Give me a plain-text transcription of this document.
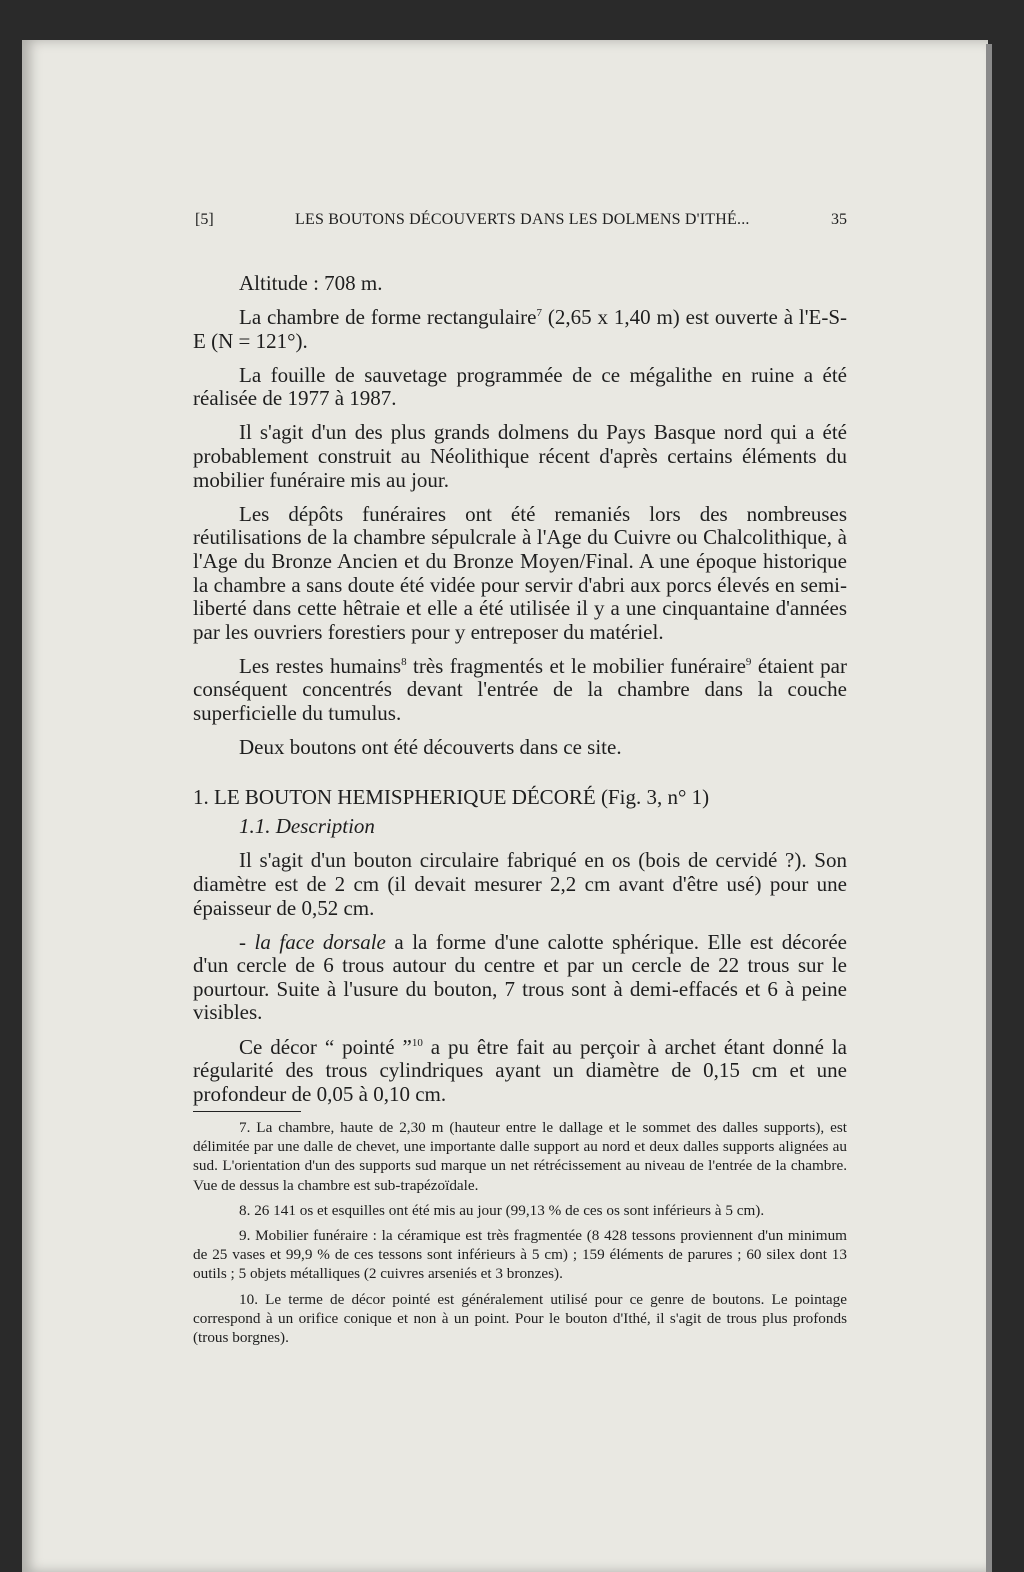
[5]	LES BOUTONS DÉCOUVERTS DANS LES DOLMENS D'ITHÉ...	35

Altitude : 708 m.

La chambre de forme rectangulaire$^7$ (2,65 x 1,40 m) est ouverte à l'E-S-E (N = 121°).

La fouille de sauvetage programmée de ce mégalithe en ruine a été réalisée de 1977 à 1987.

Il s'agit d'un des plus grands dolmens du Pays Basque nord qui a été probablement construit au Néolithique récent d'après certains éléments du mobilier funéraire mis au jour.

Les dépôts funéraires ont été remaniés lors des nombreuses réutilisations de la chambre sépulcrale à l'Age du Cuivre ou Chalcolithique, à l'Age du Bronze Ancien et du Bronze Moyen/Final. A une époque historique la chambre a sans doute été vidée pour servir d'abri aux porcs élevés en semi-liberté dans cette hêtraie et elle a été utilisée il y a une cinquantaine d'années par les ouvriers forestiers pour y entreposer du matériel.

Les restes humains$^8$ très fragmentés et le mobilier funéraire$^9$ étaient par conséquent concentrés devant l'entrée de la chambre dans la couche superficielle du tumulus.

Deux boutons ont été découverts dans ce site.

1. LE BOUTON HEMISPHERIQUE DÉCORÉ (Fig. 3, n° 1)

1.1. Description

Il s'agit d'un bouton circulaire fabriqué en os (bois de cervidé ?). Son diamètre est de 2 cm (il devait mesurer 2,2 cm avant d'être usé) pour une épaisseur de 0,52 cm.

- la face dorsale a la forme d'une calotte sphérique. Elle est décorée d'un cercle de 6 trous autour du centre et par un cercle de 22 trous sur le pourtour. Suite à l'usure du bouton, 7 trous sont à demi-effacés et 6 à peine visibles.

Ce décor “ pointé ”$^{10}$ a pu être fait au perçoir à archet étant donné la régularité des trous cylindriques ayant un diamètre de 0,15 cm et une profondeur de 0,05 à 0,10 cm.

7. La chambre, haute de 2,30 m (hauteur entre le dallage et le sommet des dalles supports), est délimitée par une dalle de chevet, une importante dalle support au nord et deux dalles supports alignées au sud. L'orientation d'un des supports sud marque un net rétrécissement au niveau de l'entrée de la chambre. Vue de dessus la chambre est sub-trapézoïdale.

8. 26 141 os et esquilles ont été mis au jour (99,13 % de ces os sont inférieurs à 5 cm).

9. Mobilier funéraire : la céramique est très fragmentée (8 428 tessons proviennent d'un minimum de 25 vases et 99,9 % de ces tessons sont inférieurs à 5 cm) ; 159 éléments de parures ; 60 silex dont 13 outils ; 5 objets métalliques (2 cuivres arseniés et 3 bronzes).

10. Le terme de décor pointé est généralement utilisé pour ce genre de boutons. Le pointage correspond à un orifice conique et non à un point. Pour le bouton d'Ithé, il s'agit de trous plus profonds (trous borgnes).
